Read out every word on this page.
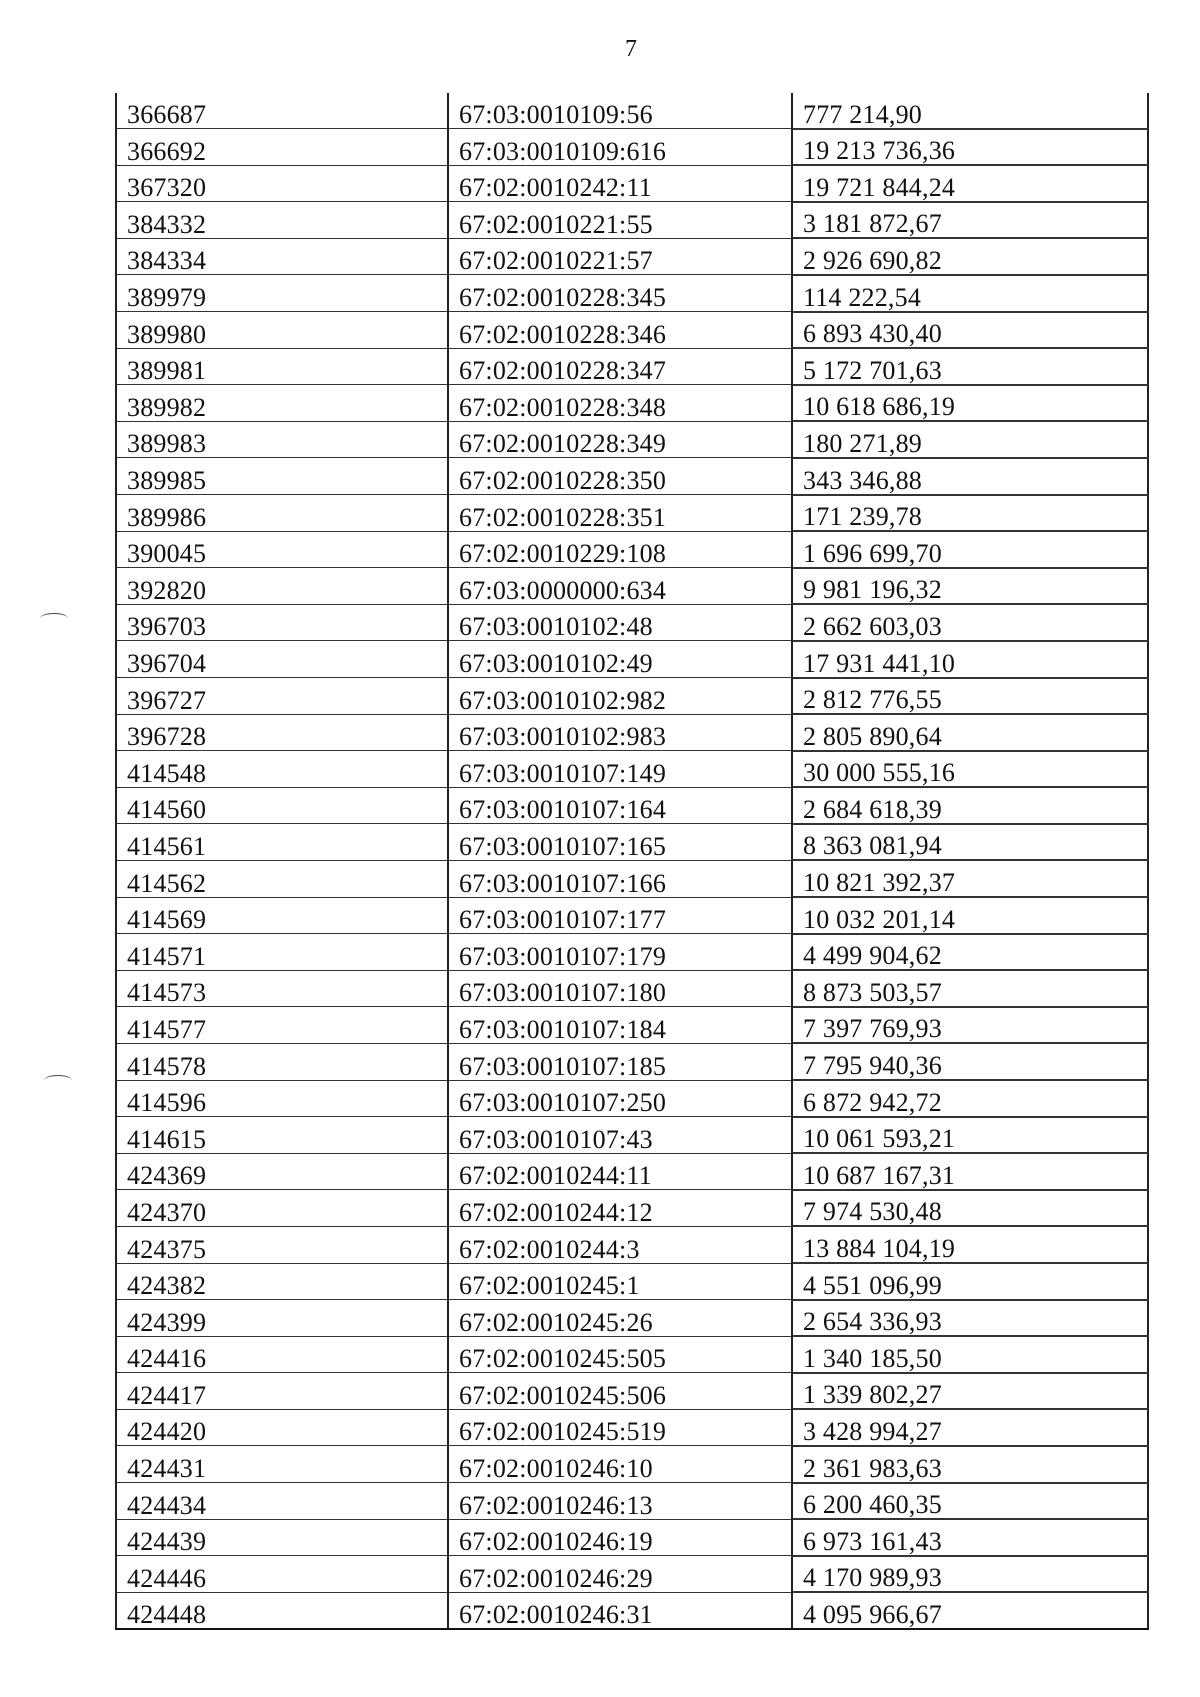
7
366687	67:03:0010109:56	777 214,90
366692	67:03:0010109:616	19 213 736,36
367320	67:02:0010242:11	19 721 844,24
384332	67:02:0010221:55	3 181 872,67
384334	67:02:0010221:57	2 926 690,82
389979	67:02:0010228:345	114 222,54
389980	67:02:0010228:346	6 893 430,40
389981	67:02:0010228:347	5 172 701,63
389982	67:02:0010228:348	10 618 686,19
389983	67:02:0010228:349	180 271,89
389985	67:02:0010228:350	343 346,88
389986	67:02:0010228:351	171 239,78
390045	67:02:0010229:108	1 696 699,70
392820	67:03:0000000:634	9 981 196,32
396703	67:03:0010102:48	2 662 603,03
396704	67:03:0010102:49	17 931 441,10
396727	67:03:0010102:982	2 812 776,55
396728	67:03:0010102:983	2 805 890,64
414548	67:03:0010107:149	30 000 555,16
414560	67:03:0010107:164	2 684 618,39
414561	67:03:0010107:165	8 363 081,94
414562	67:03:0010107:166	10 821 392,37
414569	67:03:0010107:177	10 032 201,14
414571	67:03:0010107:179	4 499 904,62
414573	67:03:0010107:180	8 873 503,57
414577	67:03:0010107:184	7 397 769,93
414578	67:03:0010107:185	7 795 940,36
414596	67:03:0010107:250	6 872 942,72
414615	67:03:0010107:43	10 061 593,21
424369	67:02:0010244:11	10 687 167,31
424370	67:02:0010244:12	7 974 530,48
424375	67:02:0010244:3	13 884 104,19
424382	67:02:0010245:1	4 551 096,99
424399	67:02:0010245:26	2 654 336,93
424416	67:02:0010245:505	1 340 185,50
424417	67:02:0010245:506	1 339 802,27
424420	67:02:0010245:519	3 428 994,27
424431	67:02:0010246:10	2 361 983,63
424434	67:02:0010246:13	6 200 460,35
424439	67:02:0010246:19	6 973 161,43
424446	67:02:0010246:29	4 170 989,93
424448	67:02:0010246:31	4 095 966,67
